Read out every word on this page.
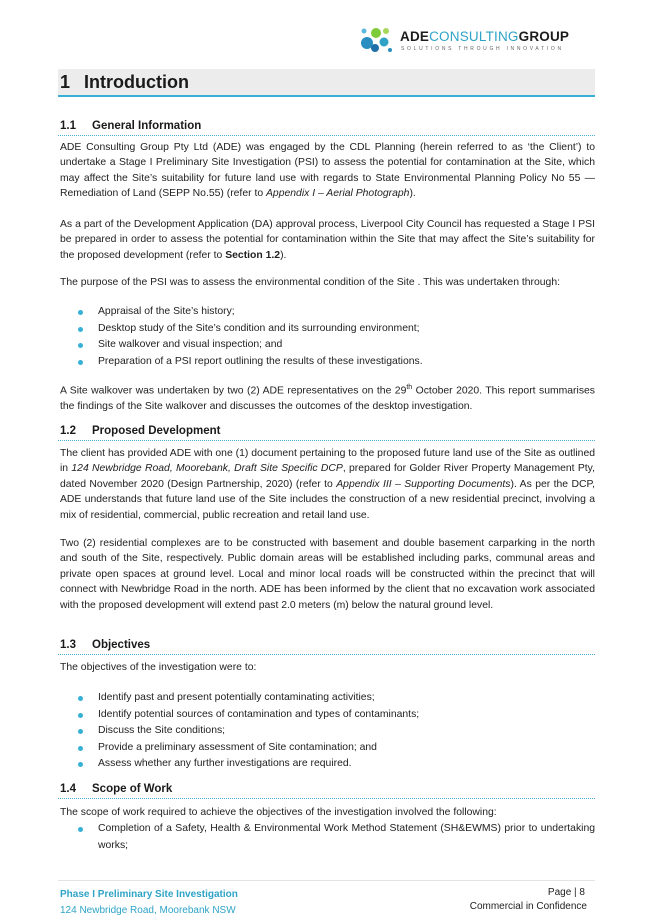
ADECONSULTINGGROUP
SOLUTIONS THROUGH INNOVATION
1 Introduction
1.1 General Information

ADE Consulting Group Pty Ltd (ADE) was engaged by the CDL Planning (herein referred to as ‘the Client’) to undertake a Stage I Preliminary Site Investigation (PSI) to assess the potential for contamination at the Site, which may affect the Site’s suitability for future land use with regards to State Environmental Planning Policy No 55 — Remediation of Land (SEPP No.55) (refer to Appendix I – Aerial Photograph).

As a part of the Development Application (DA) approval process, Liverpool City Council has requested a Stage I PSI be prepared in order to assess the potential for contamination within the Site that may affect the Site’s suitability for the proposed development (refer to Section 1.2).

The purpose of the PSI was to assess the environmental condition of the Site . This was undertaken through:

Appraisal of the Site’s history;
Desktop study of the Site’s condition and its surrounding environment;
Site walkover and visual inspection; and
Preparation of a PSI report outlining the results of these investigations.

A Site walkover was undertaken by two (2) ADE representatives on the 29th October 2020. This report summarises the findings of the Site walkover and discusses the outcomes of the desktop investigation.

1.2 Proposed Development

The client has provided ADE with one (1) document pertaining to the proposed future land use of the Site as outlined in 124 Newbridge Road, Moorebank, Draft Site Specific DCP, prepared for Golder River Property Management Pty, dated November 2020 (Design Partnership, 2020) (refer to Appendix III – Supporting Documents). As per the DCP, ADE understands that future land use of the Site includes the construction of a new residential precinct, involving a mix of residential, commercial, public recreation and retail land use.

Two (2) residential complexes are to be constructed with basement and double basement carparking in the north and south of the Site, respectively. Public domain areas will be established including parks, communal areas and private open spaces at ground level. Local and minor local roads will be constructed within the precinct that will connect with Newbridge Road in the north. ADE has been informed by the client that no excavation work associated with the proposed development will extend past 2.0 meters (m) below the natural ground level.

1.3 Objectives

The objectives of the investigation were to:

Identify past and present potentially contaminating activities;
Identify potential sources of contamination and types of contaminants;
Discuss the Site conditions;
Provide a preliminary assessment of Site contamination; and
Assess whether any further investigations are required.
1.4 Scope of Work

The scope of work required to achieve the objectives of the investigation involved the following:

Completion of a Safety, Health & Environmental Work Method Statement (SH&EWMS) prior to undertaking works;
Phase I Preliminary Site Investigation
124 Newbridge Road, Moorebank NSW
Page | 8
Commercial in Confidence
